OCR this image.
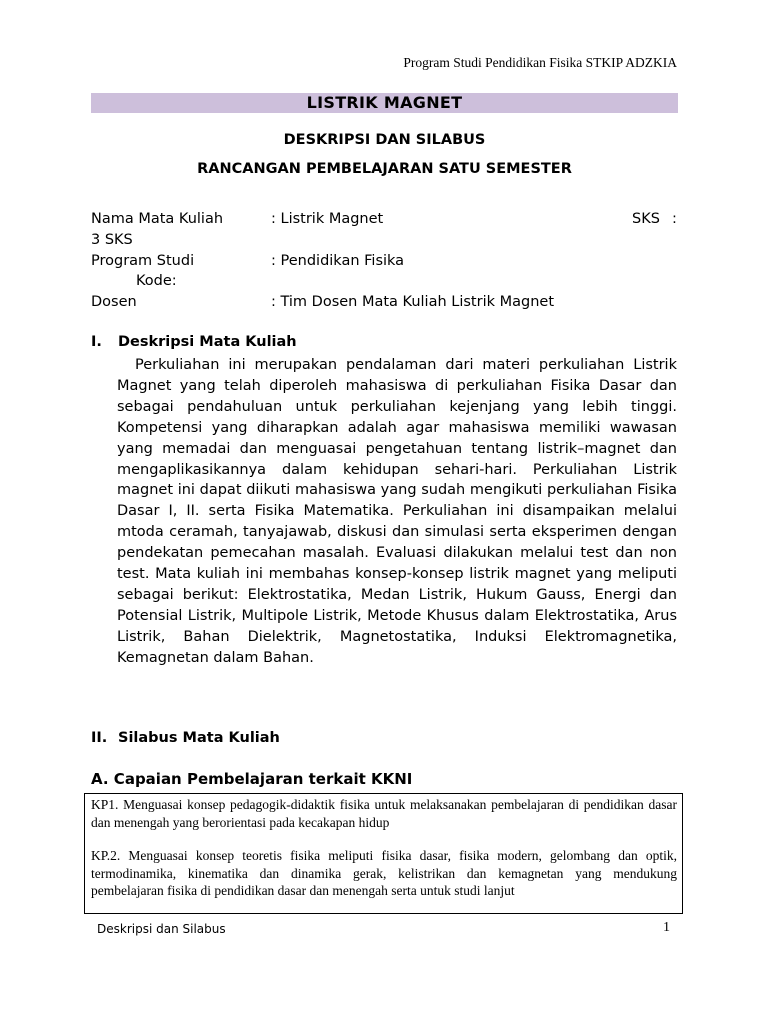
Program Studi Pendidikan Fisika STKIP ADZKIA
LISTRIK MAGNET
DESKRIPSI DAN SILABUS
RANCANGAN PEMBELAJARAN SATU SEMESTER
Nama Mata Kuliah	: Listrik Magnet	SKS :
3 SKS
Program Studi	: Pendidikan Fisika
Kode:
Dosen	: Tim Dosen Mata Kuliah Listrik Magnet
I. Deskripsi Mata Kuliah
Perkuliahan ini merupakan pendalaman dari materi perkuliahan Listrik Magnet yang telah diperoleh mahasiswa di perkuliahan Fisika Dasar dan sebagai pendahuluan untuk perkuliahan kejenjang yang lebih tinggi. Kompetensi yang diharapkan adalah agar mahasiswa memiliki wawasan yang memadai dan menguasai pengetahuan tentang listrik–magnet dan mengaplikasikannya dalam kehidupan sehari-hari. Perkuliahan Listrik magnet ini dapat diikuti mahasiswa yang sudah mengikuti perkuliahan Fisika Dasar I, II. serta Fisika Matematika. Perkuliahan ini disampaikan melalui mtoda ceramah, tanyajawab, diskusi dan simulasi serta eksperimen dengan pendekatan pemecahan masalah. Evaluasi dilakukan melalui test dan non test. Mata kuliah ini membahas konsep-konsep listrik magnet yang meliputi sebagai berikut: Elektrostatika, Medan Listrik, Hukum Gauss, Energi dan Potensial Listrik, Multipole Listrik, Metode Khusus dalam Elektrostatika, Arus Listrik, Bahan Dielektrik, Magnetostatika, Induksi Elektromagnetika, Kemagnetan dalam Bahan.
II. Silabus Mata Kuliah
A. Capaian Pembelajaran terkait KKNI

KP1. Menguasai konsep pedagogik-didaktik fisika untuk melaksanakan pembelajaran di pendidikan dasar dan menengah yang berorientasi pada kecakapan hidup

KP.2. Menguasai konsep teoretis fisika meliputi fisika dasar, fisika modern, gelombang dan optik, termodinamika, kinematika dan dinamika gerak, kelistrikan dan kemagnetan yang mendukung pembelajaran fisika di pendidikan dasar dan menengah serta untuk studi lanjut

Deskripsi dan Silabus	1
